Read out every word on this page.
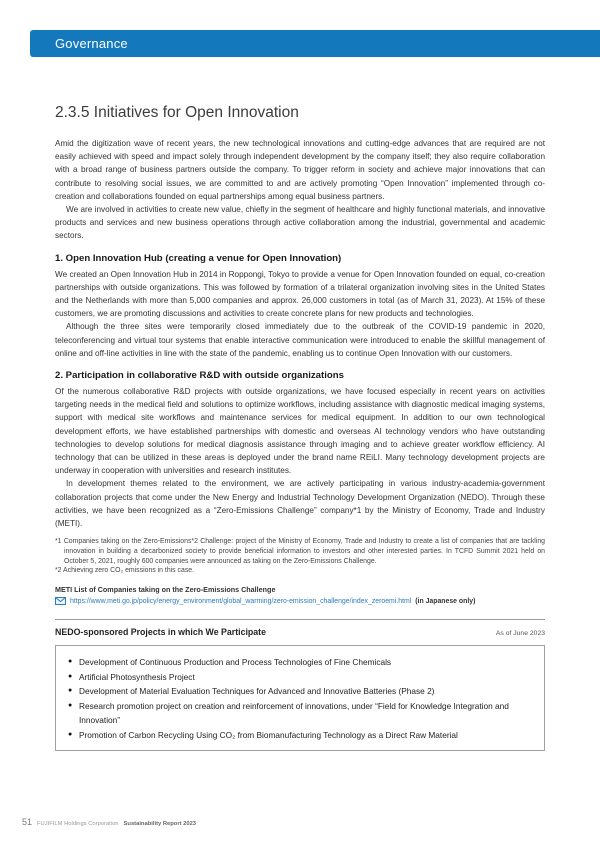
Governance
2.3.5 Initiatives for Open Innovation

Amid the digitization wave of recent years, the new technological innovations and cutting-edge advances that are required are not easily achieved with speed and impact solely through independent development by the company itself; they also require collaboration with a broad range of business partners outside the company. To trigger reform in society and achieve major innovations that can contribute to resolving social issues, we are committed to and are actively promoting “Open Innovation” implemented through co-creation and collaborations founded on equal partnerships among equal business partners.

We are involved in activities to create new value, chiefly in the segment of healthcare and highly functional materials, and innovative products and services and new business operations through active collaboration among the industrial, governmental and academic sectors.

1. Open Innovation Hub (creating a venue for Open Innovation)

We created an Open Innovation Hub in 2014 in Roppongi, Tokyo to provide a venue for Open Innovation founded on equal, co-creation partnerships with outside organizations. This was followed by formation of a trilateral organization involving sites in the United States and the Netherlands with more than 5,000 companies and approx. 26,000 customers in total (as of March 31, 2023). At 15% of these customers, we are promoting discussions and activities to create concrete plans for new products and technologies.

Although the three sites were temporarily closed immediately due to the outbreak of the COVID-19 pandemic in 2020, teleconferencing and virtual tour systems that enable interactive communication were introduced to enable the skillful management of online and off-line activities in line with the state of the pandemic, enabling us to continue Open Innovation with our customers.

2. Participation in collaborative R&D with outside organizations

Of the numerous collaborative R&D projects with outside organizations, we have focused especially in recent years on activities targeting needs in the medical field and solutions to optimize workflows, including assistance with diagnostic medical imaging systems, support with medical site workflows and maintenance services for medical equipment. In addition to our own technological development efforts, we have established partnerships with domestic and overseas AI technology vendors who have outstanding technologies to develop solutions for medical diagnosis assistance through imaging and to achieve greater workflow efficiency. AI technology that can be utilized in these areas is deployed under the brand name REiLI. Many technology development projects are underway in cooperation with universities and research institutes.

In development themes related to the environment, we are actively participating in various industry-academia-government collaboration projects that come under the New Energy and Industrial Technology Development Organization (NEDO). Through these activities, we have been recognized as a “Zero-Emissions Challenge” company*1 by the Ministry of Economy, Trade and Industry (METI).

*1 Companies taking on the Zero-Emissions*2 Challenge: project of the Ministry of Economy, Trade and Industry to create a list of companies that are tackling innovation in building a decarbonized society to provide beneficial information to investors and other interested parties. In TCFD Summit 2021 held on October 5, 2021, roughly 600 companies were announced as taking on the Zero-Emissions Challenge.

*2 Achieving zero CO₂ emissions in this case.

METI List of Companies taking on the Zero-Emissions Challenge

https://www.meti.go.jp/policy/energy_environment/global_warming/zero-emission_challenge/index_zeroemi.html (in Japanese only)
NEDO-sponsored Projects in which We Participate	As of June 2023
● Development of Continuous Production and Process Technologies of Fine Chemicals
● Artificial Photosynthesis Project
● Development of Material Evaluation Techniques for Advanced and Innovative Batteries (Phase 2)
● Research promotion project on creation and reinforcement of innovations, under “Field for Knowledge Integration and Innovation”
● Promotion of Carbon Recycling Using CO₂ from Biomanufacturing Technology as a Direct Raw Material
51 FUJIFILM Holdings Corporation Sustainability Report 2023
